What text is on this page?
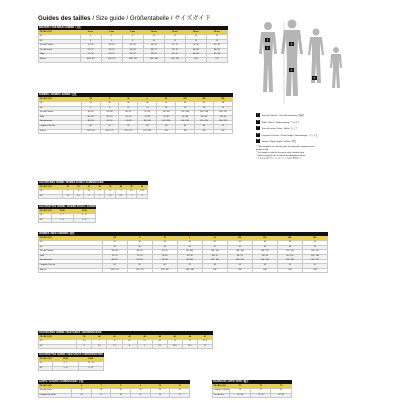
Guides des tailles / Size guide / Größentabelle / サイズガイド
1
2
3
4
5
1
Tour de Poitrine / Chest Brustumfang / 胸囲
2
Taille / Waist / Taillenumfang / ウエスト
3
Tour de bassin / Hips / Hüfte / ヒップ
4
Longueur Perches / Pants length / Hosenlänge / パンツ丈
5
Stature / Body height / Größe / 身長
* Cette longueur est calculée pour les pantalons uniquement en
double-ourlet
* This length is valid for the pants with a double-hem
* Diese Länge gilt nur für Hosen mit doppeltem Saum
* この長さはダブルヘムのパンツのみに有効です
ENFANTS / CHILDREN / KINDER / 子供
FR / EU / 日本	4 ans	6 ans	8 ans	10 ans	12 ans	14 ans	16 ans
US	4	6	8	10	12	14	16
UK	4	6	8	10	12	14	16
Tour de Poitrine	54 / 56	58 / 60	62 / 64	66 / 68	70 / 74	76 / 80	82 / 86
Tour de bassin	55 / 57	59 / 61	63 / 66	68 / 72	74 / 78	80 / 84	86 / 90
Taille	51 / 52	53 / 55	55 / 57	58 / 61	61 / 63	64 / 66	67 / 69
Stature	104 / 110	116 / 122	128 / 134	140 / 146	152 / 158	164	170
FEMMES / WOMEN / DAMEN / 女性
FR / EU / 日本	XS	S	M	L	XL	2XL	3XL	4XL
US	34	36	38	40	42	44	46	48
UK	6	8	10	12	14	16	18	20
Tour de Poitrine	80 / 84	84 / 88	88 / 92	92 / 96	96 / 100	100 / 104	104 / 108	108 / 112
Taille	62 / 66	66 / 70	70 / 74	74 / 78	78 / 82	82 / 86	86 / 90	90 / 94
Tour de bassin	86 / 90	90 / 94	94 / 98	98 / 102	102 / 106	106 / 110	110 / 114	114 / 118
Longueur Perches	80	81	82	83	84	85	86	87
Stature	158 / 164	164 / 170	170 / 176	176 / 182	182	182	182	182
CHAUSSURES FEMME / WOMEN SHOES / DAMENSCHUHE
FR / EU / 日本	35	36	37	38	39	40	41	42
US	5	6	6.5	7.5	8	9	9.5	10.5
UK	2.5	3.5	4	5	5.5	6.5	7	8
CHAUSSETTES FEMME / WOMEN SOCKS / DAMENSOCKEN
FR / EU / 日本	35-38	39-42
US	4 - 7	8 - 11
UK	3 - 5	6 - 8
HOMMES / MEN / HERREN / 男性
FR / EU / 日本	XS	S	M	L	XL	2XL	3XL	4XL	5XL
US	34	36	38	40	42	44	46	48	50
UK	34	36	38	40	42	44	46	48	50
Tour de Poitrine	84 / 88	88 / 92	92 / 96	96 / 100	100 / 104	104 / 108	108 / 112	112 / 116	116 / 120
Taille	70 / 74	74 / 78	78 / 82	82 / 86	86 / 90	90 / 94	94 / 98	98 / 102	102 / 106
Tour de bassin	86 / 90	90 / 94	94 / 98	98 / 102	102 / 106	106 / 110	110 / 114	114 / 118	118 / 122
Longueur Perches	84	85	86	87	88	89	90	91	92
Stature	164 / 170	170 / 176	176 / 182	182 / 188	188	188	188	188	188
CHAUSSURES HOMME / MEN SHOES / HERRENSCHUHE
FR / EU / 日本	39	40	41	42	43	44	45	46	47
US	6.5	7	8	8.5	9.5	10	11	12	12.5
UK	6	6.5	7.5	8	9	9.5	10.5	11.5	12
CHAUSSETTES HOMME / MEN SOCKS / HERRENSOCKEN
FR / EU / 日本	39-42	43-46
US	6 - 9	10 - 13
UK	5 - 8	9 - 12
GANTS / GLOVES / HANDSCHUHE / 手袋
FR / EU / 日本	6	7	8	9	10	11
Tour de mains	15	18	20	23	25	28
Longueur de mains	16	17	18	19	20	21
CHAPEAUX / HATS / HÜTE / 帽子
FR / EU / 日本	T1	T2	T3
Longueur calculée	54	57	60
Tour de tête	54 / 56	57 / 59	60 / 62
